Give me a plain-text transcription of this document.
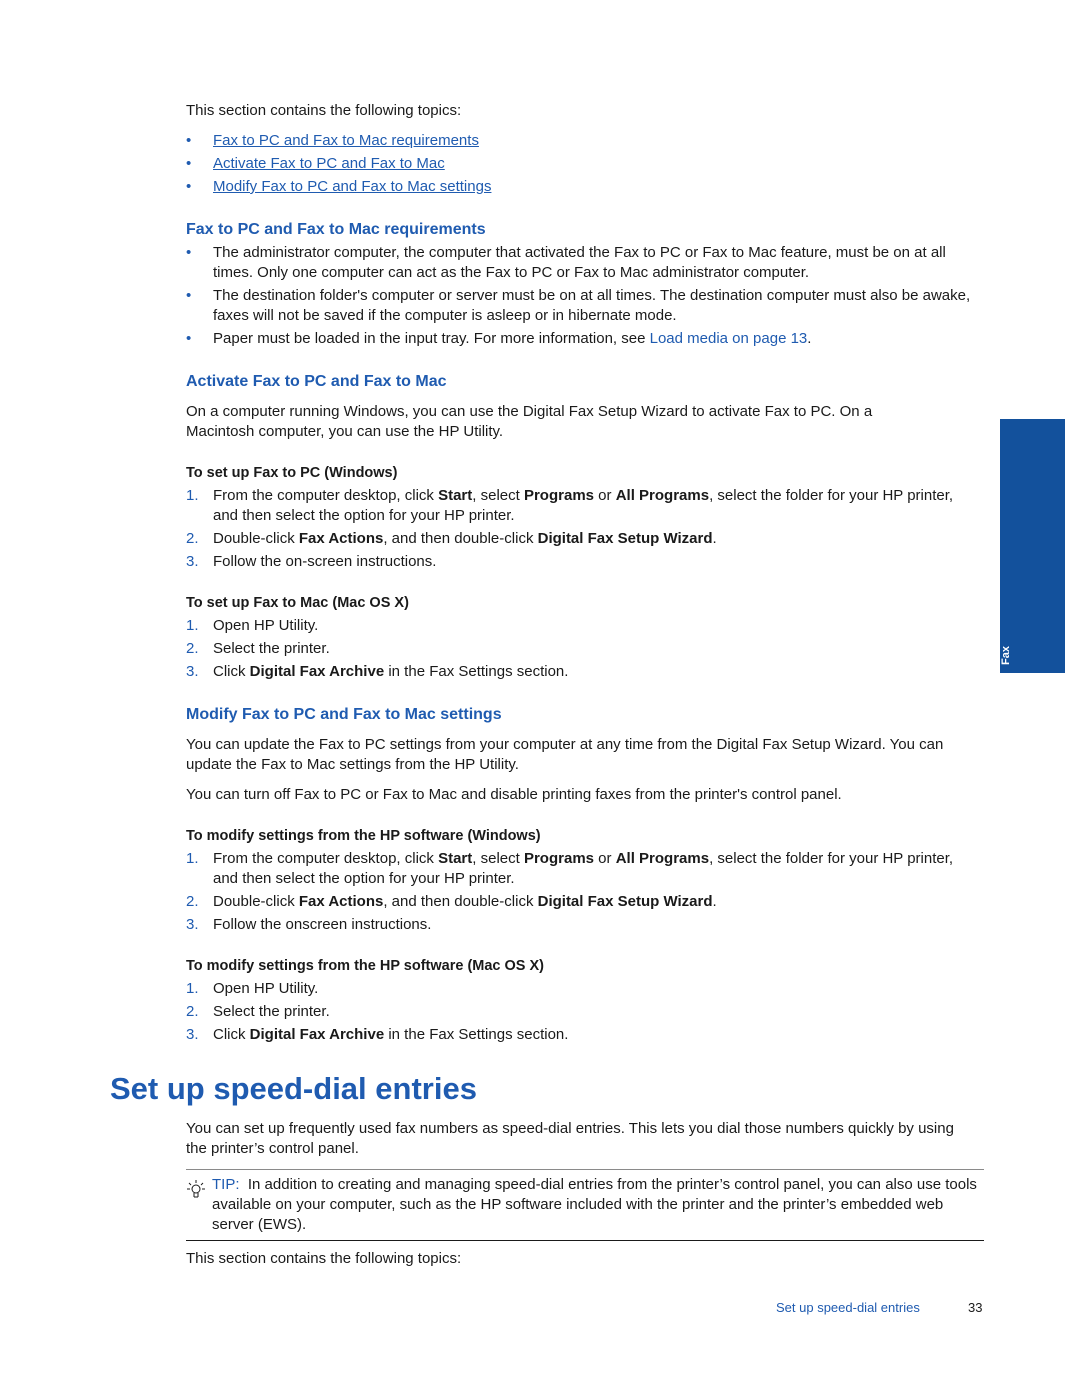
This section contains the following topics:

•	Fax to PC and Fax to Mac requirements
•	Activate Fax to PC and Fax to Mac
•	Modify Fax to PC and Fax to Mac settings
Fax to PC and Fax to Mac requirements
•	The administrator computer, the computer that activated the Fax to PC or Fax to Mac feature, must be on at all times. Only one computer can act as the Fax to PC or Fax to Mac administrator computer.
•	The destination folder's computer or server must be on at all times. The destination computer must also be awake, faxes will not be saved if the computer is asleep or in hibernate mode.
•	Paper must be loaded in the input tray. For more information, see Load media on page 13.
Activate Fax to PC and Fax to Mac

On a computer running Windows, you can use the Digital Fax Setup Wizard to activate Fax to PC. On a Macintosh computer, you can use the HP Utility.

To set up Fax to PC (Windows)
1. From the computer desktop, click Start, select Programs or All Programs, select the folder for your HP printer, and then select the option for your HP printer.
2. Double-click Fax Actions, and then double-click Digital Fax Setup Wizard.
3. Follow the on-screen instructions.
To set up Fax to Mac (Mac OS X)
1. Open HP Utility.
2. Select the printer.
3. Click Digital Fax Archive in the Fax Settings section.
Modify Fax to PC and Fax to Mac settings

You can update the Fax to PC settings from your computer at any time from the Digital Fax Setup Wizard. You can update the Fax to Mac settings from the HP Utility.

You can turn off Fax to PC or Fax to Mac and disable printing faxes from the printer's control panel.

To modify settings from the HP software (Windows)
1. From the computer desktop, click Start, select Programs or All Programs, select the folder for your HP printer, and then select the option for your HP printer.
2. Double-click Fax Actions, and then double-click Digital Fax Setup Wizard.
3. Follow the onscreen instructions.
To modify settings from the HP software (Mac OS X)
1. Open HP Utility.
2. Select the printer.
3. Click Digital Fax Archive in the Fax Settings section.
Set up speed-dial entries

You can set up frequently used fax numbers as speed-dial entries. This lets you dial those numbers quickly by using the printer’s control panel.

TIP: In addition to creating and managing speed-dial entries from the printer’s control panel, you can also use tools available on your computer, such as the HP software included with the printer and the printer’s embedded web server (EWS).

This section contains the following topics:

Fax
Set up speed-dial entries	33
